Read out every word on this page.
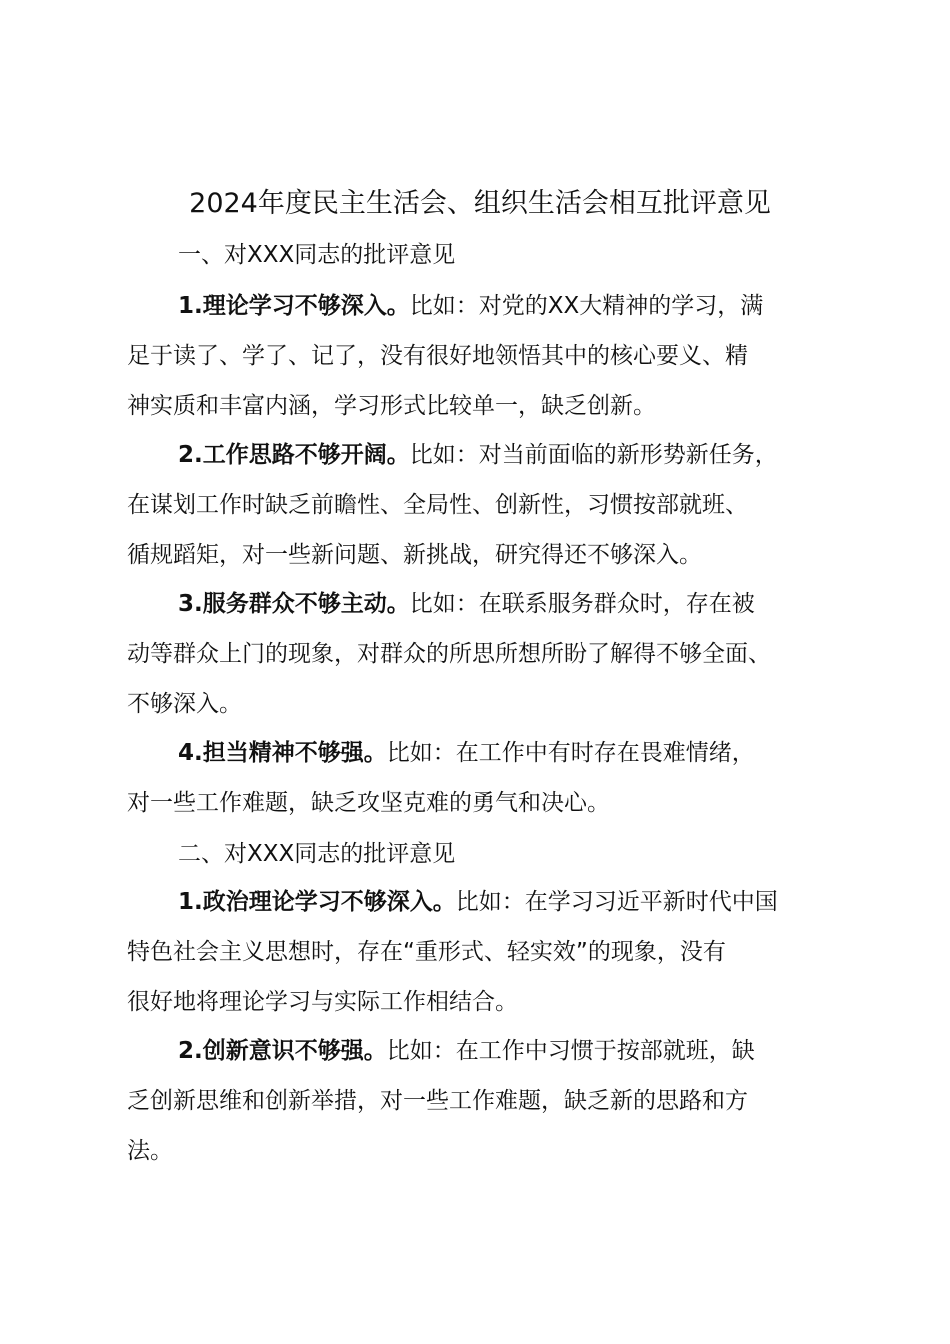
2024年度民主生活会、组织生活会相互批评意见

一、对XXX同志的批评意见

1.理论学习不够深入。比如：对党的XX大精神的学习，满
足于读了、学了、记了，没有很好地领悟其中的核心要义、精
神实质和丰富内涵，学习形式比较单一，缺乏创新。
2.工作思路不够开阔。比如：对当前面临的新形势新任务，
在谋划工作时缺乏前瞻性、全局性、创新性，习惯按部就班、
循规蹈矩，对一些新问题、新挑战，研究得还不够深入。
3.服务群众不够主动。比如：在联系服务群众时，存在被
动等群众上门的现象，对群众的所思所想所盼了解得不够全面、
不够深入。
4.担当精神不够强。比如：在工作中有时存在畏难情绪，
对一些工作难题，缺乏攻坚克难的勇气和决心。

二、对XXX同志的批评意见

1.政治理论学习不够深入。比如：在学习习近平新时代中国
特色社会主义思想时，存在“重形式、轻实效”的现象，没有
很好地将理论学习与实际工作相结合。
2.创新意识不够强。比如：在工作中习惯于按部就班，缺
乏创新思维和创新举措，对一些工作难题，缺乏新的思路和方
法。
